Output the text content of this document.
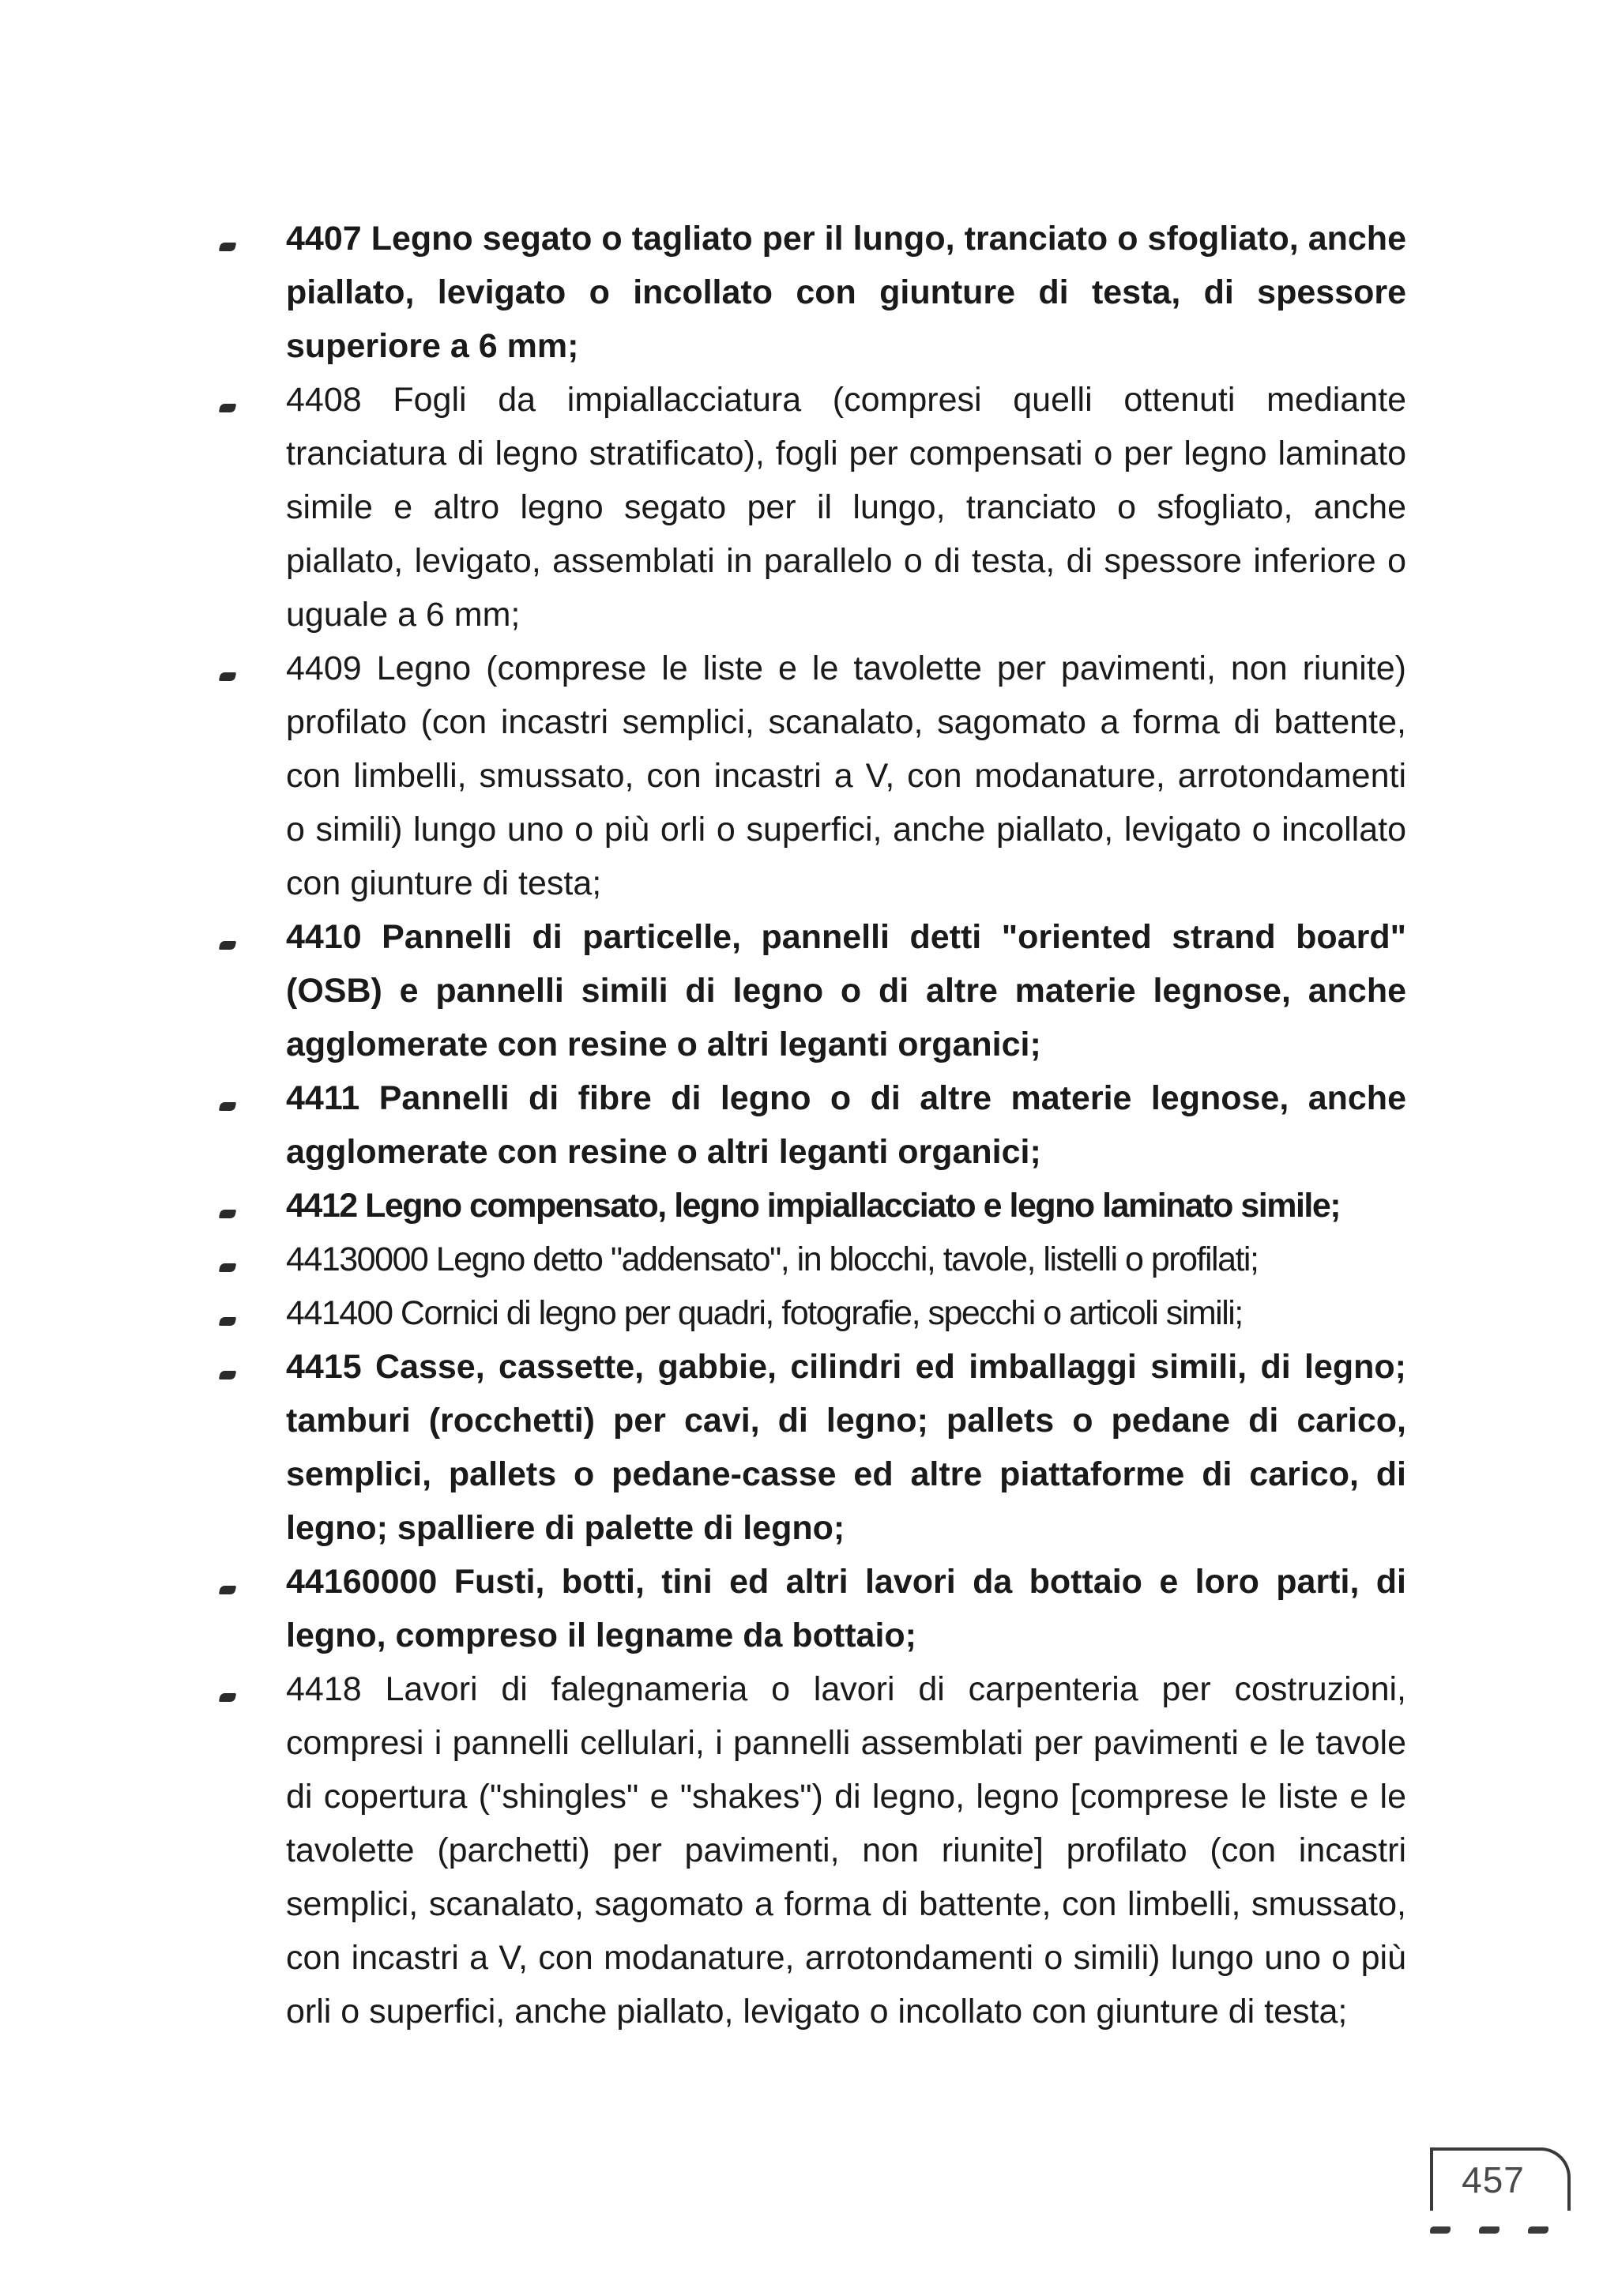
4407 Legno segato o tagliato per il lungo, tranciato o sfogliato, anche piallato, levigato o incollato con giunture di testa, di spessore superiore a 6 mm;
4408 Fogli da impiallacciatura (compresi quelli ottenuti mediante tranciatura di legno stratificato), fogli per compensati o per legno laminato simile e altro legno segato per il lungo, tranciato o sfogliato, anche piallato, levigato, assemblati in parallelo o di testa, di spessore inferiore o uguale a 6 mm;
4409 Legno (comprese le liste e le tavolette per pavimenti, non riunite) profilato (con incastri semplici, scanalato, sagomato a forma di battente, con limbelli, smussato, con incastri a V, con modanature, arrotondamenti o simili) lungo uno o più orli o superfici, anche piallato, levigato o incollato con giunture di testa;
4410 Pannelli di particelle, pannelli detti "oriented strand board" (OSB) e pannelli simili di legno o di altre materie legnose, anche agglomerate con resine o altri leganti organici;
4411 Pannelli di fibre di legno o di altre materie legnose, anche agglomerate con resine o altri leganti organici;
4412 Legno compensato, legno impiallacciato e legno laminato simile;
44130000 Legno detto "addensato", in blocchi, tavole, listelli o profilati;
441400 Cornici di legno per quadri, fotografie, specchi o articoli simili;
4415 Casse, cassette, gabbie, cilindri ed imballaggi simili, di legno; tamburi (rocchetti) per cavi, di legno; pallets o pedane di carico, semplici, pallets o pedane-casse ed altre piattaforme di carico, di legno; spalliere di palette di legno;
44160000 Fusti, botti, tini ed altri lavori da bottaio e loro parti, di legno, compreso il legname da bottaio;
4418 Lavori di falegnameria o lavori di carpenteria per costruzioni, compresi i pannelli cellulari, i pannelli assemblati per pavimenti e le tavole di copertura ("shingles" e "shakes") di legno, legno [comprese le liste e le tavolette (parchetti) per pavimenti, non riunite] profilato (con incastri semplici, scanalato, sagomato a forma di battente, con limbelli, smussato, con incastri a V, con modanature, arrotondamenti o simili) lungo uno o più orli o superfici, anche piallato, levigato o incollato con giunture di testa;
457
